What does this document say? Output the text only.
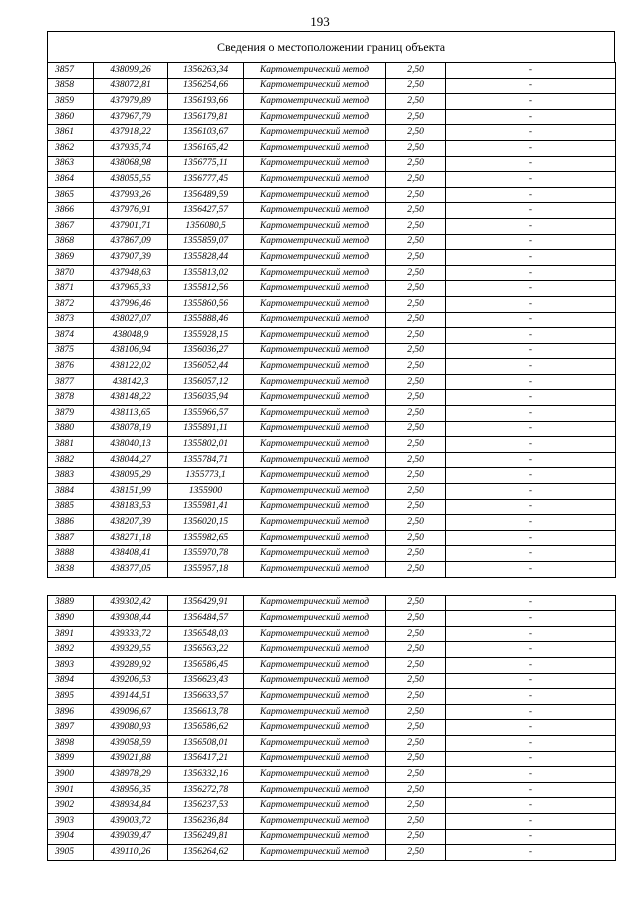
193
Сведения о местоположении границ объекта
3857	438099,26	1356263,34	Картометрический метод	2,50	-
3858	438072,81	1356254,66	Картометрический метод	2,50	-
3859	437979,89	1356193,66	Картометрический метод	2,50	-
3860	437967,79	1356179,81	Картометрический метод	2,50	-
3861	437918,22	1356103,67	Картометрический метод	2,50	-
3862	437935,74	1356165,42	Картометрический метод	2,50	-
3863	438068,98	1356775,11	Картометрический метод	2,50	-
3864	438055,55	1356777,45	Картометрический метод	2,50	-
3865	437993,26	1356489,59	Картометрический метод	2,50	-
3866	437976,91	1356427,57	Картометрический метод	2,50	-
3867	437901,71	1356080,5	Картометрический метод	2,50	-
3868	437867,09	1355859,07	Картометрический метод	2,50	-
3869	437907,39	1355828,44	Картометрический метод	2,50	-
3870	437948,63	1355813,02	Картометрический метод	2,50	-
3871	437965,33	1355812,56	Картометрический метод	2,50	-
3872	437996,46	1355860,56	Картометрический метод	2,50	-
3873	438027,07	1355888,46	Картометрический метод	2,50	-
3874	438048,9	1355928,15	Картометрический метод	2,50	-
3875	438106,94	1356036,27	Картометрический метод	2,50	-
3876	438122,02	1356052,44	Картометрический метод	2,50	-
3877	438142,3	1356057,12	Картометрический метод	2,50	-
3878	438148,22	1356035,94	Картометрический метод	2,50	-
3879	438113,65	1355966,57	Картометрический метод	2,50	-
3880	438078,19	1355891,11	Картометрический метод	2,50	-
3881	438040,13	1355802,01	Картометрический метод	2,50	-
3882	438044,27	1355784,71	Картометрический метод	2,50	-
3883	438095,29	1355773,1	Картометрический метод	2,50	-
3884	438151,99	1355900	Картометрический метод	2,50	-
3885	438183,53	1355981,41	Картометрический метод	2,50	-
3886	438207,39	1356020,15	Картометрический метод	2,50	-
3887	438271,18	1355982,65	Картометрический метод	2,50	-
3888	438408,41	1355970,78	Картометрический метод	2,50	-
3838	438377,05	1355957,18	Картометрический метод	2,50	-

3889	439302,42	1356429,91	Картометрический метод	2,50	-
3890	439308,44	1356484,57	Картометрический метод	2,50	-
3891	439333,72	1356548,03	Картометрический метод	2,50	-
3892	439329,55	1356563,22	Картометрический метод	2,50	-
3893	439289,92	1356586,45	Картометрический метод	2,50	-
3894	439206,53	1356623,43	Картометрический метод	2,50	-
3895	439144,51	1356633,57	Картометрический метод	2,50	-
3896	439096,67	1356613,78	Картометрический метод	2,50	-
3897	439080,93	1356586,62	Картометрический метод	2,50	-
3898	439058,59	1356508,01	Картометрический метод	2,50	-
3899	439021,88	1356417,21	Картометрический метод	2,50	-
3900	438978,29	1356332,16	Картометрический метод	2,50	-
3901	438956,35	1356272,78	Картометрический метод	2,50	-
3902	438934,84	1356237,53	Картометрический метод	2,50	-
3903	439003,72	1356236,84	Картометрический метод	2,50	-
3904	439039,47	1356249,81	Картометрический метод	2,50	-
3905	439110,26	1356264,62	Картометрический метод	2,50	-
